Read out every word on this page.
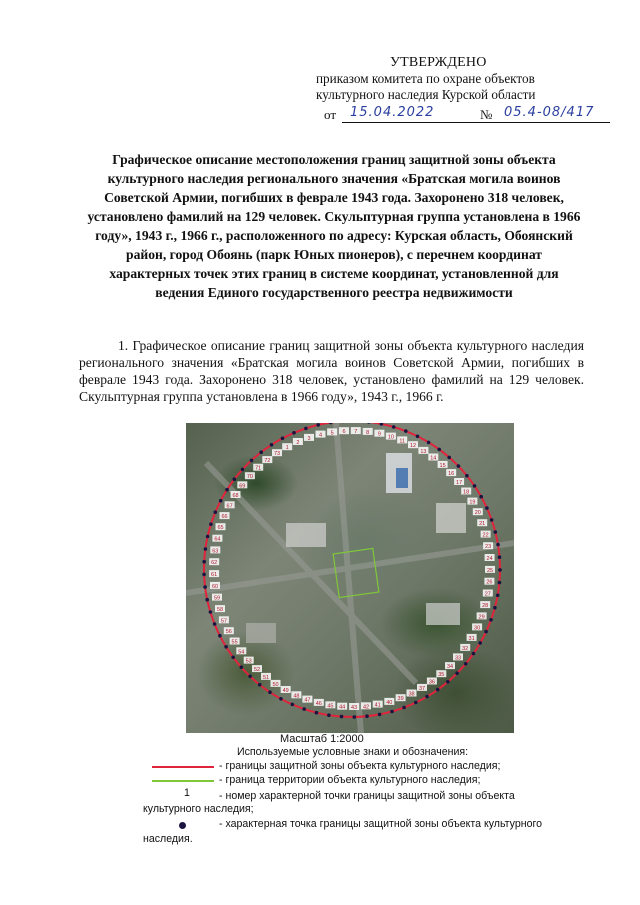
УТВЕРЖДЕНО
приказом комитета по охране объектов
культурного наследия Курской области
от 15.04.2022	№ 05.4-08/417
Графическое описание местоположения границ защитной зоны объекта культурного наследия регионального значения «Братская могила воинов Советской Армии, погибших в феврале 1943 года. Захоронено 318 человек, установлено фамилий на 129 человек. Скульптурная группа установлена в 1966 году», 1943 г., 1966 г., расположенного по адресу: Курская область, Обоянский район, город Обоянь (парк Юных пионеров), с перечнем координат характерных точек этих границ в системе координат, установленной для ведения Единого государственного реестра недвижимости

1. Графическое описание границ защитной зоны объекта культурного наследия регионального значения «Братская могила воинов Советской Армии, погибших в феврале 1943 года. Захоронено 318 человек, установлено фамилий на 129 человек. Скульптурная группа установлена в 1966 году», 1943 г., 1966 г.

1
2
3
4 5 6 7 8 9 10
11
12
13
14
15
16
17
18
19
20
21
22
23
24
25
26
27
28
29
30
31
32
33
34
35
36
37
38
39
40
41
42
43
44
45
46
47
48
49
50
51
52
53
54
55
56
57
58
59
60
61
62
63
64
65
66
67
68
69
70
71
72
73
Масштаб 1:2000
Используемые условные знаки и обозначения:
- границы защитной зоны объекта культурного наследия;
- граница территории объекта культурного наследия;
1	- номер характерной точки границы защитной зоны объекта
культурного наследия;
- характерная точка границы защитной зоны объекта культурного
наследия.
